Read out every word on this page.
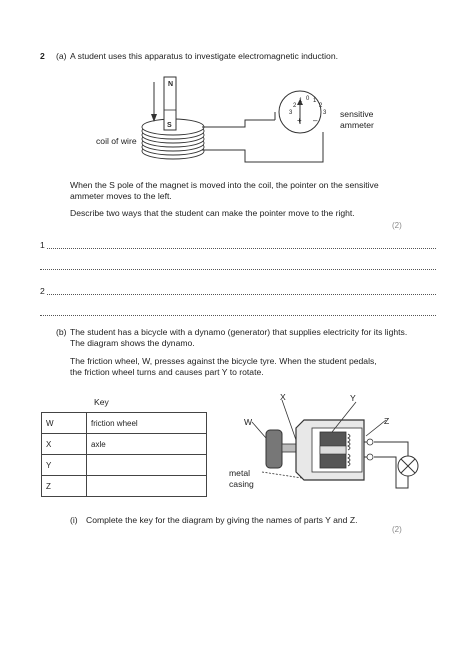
2 (a) A student uses this apparatus to investigate electromagnetic induction.
N
S
coil of wire
sensitive
ammeter
3
2
1 0 1
2
3
+ –
When the S pole of the magnet is moved into the coil, the pointer on the sensitive
ammeter moves to the left.
Describe two ways that the student can make the pointer move to the right.
(2)
1
2
(b) The student has a bicycle with a dynamo (generator) that supplies electricity for its lights.
The diagram shows the dynamo.
The friction wheel, W, presses against the bicycle tyre. When the student pedals,
the friction wheel turns and causes part Y to rotate.
Key
W	friction wheel
X	axle
Y	
Z	
W
X	Y
Z
metal
casing
(i) Complete the key for the diagram by giving the names of parts Y and Z.
(2)
